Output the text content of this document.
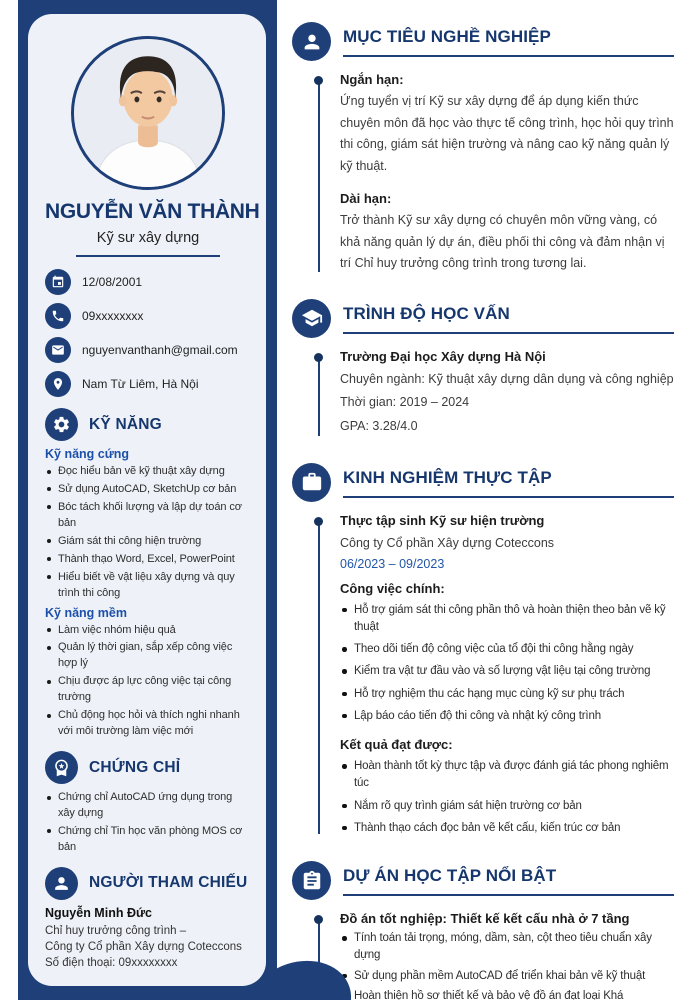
NGUYỄN VĂN THÀNH
Kỹ sư xây dựng
12/08/2001
09xxxxxxxx
nguyenvanthanh@gmail.com
Nam Từ Liêm, Hà Nội
KỸ NĂNG
Kỹ năng cứng
Đọc hiểu bản vẽ kỹ thuật xây dựng
Sử dụng AutoCAD, SketchUp cơ bản
Bóc tách khối lượng và lập dự toán cơ bản
Giám sát thi công hiện trường
Thành thạo Word, Excel, PowerPoint
Hiểu biết về vật liệu xây dựng và quy trình thi công
Kỹ năng mềm
Làm việc nhóm hiệu quả
Quản lý thời gian, sắp xếp công việc hợp lý
Chịu được áp lực công việc tại công trường
Chủ động học hỏi và thích nghi nhanh với môi trường làm việc mới
CHỨNG CHỈ
Chứng chỉ AutoCAD ứng dụng trong xây dựng
Chứng chỉ Tin học văn phòng MOS cơ bản
NGƯỜI THAM CHIẾU
Nguyễn Minh Đức
Chỉ huy trưởng công trình –
Công ty Cổ phần Xây dựng Coteccons
Số điện thoại: 09xxxxxxxx
MỤC TIÊU NGHỀ NGHIỆP
Ngắn hạn:

Ứng tuyển vị trí Kỹ sư xây dựng để áp dụng kiến thức chuyên môn đã học vào thực tế công trình, học hỏi quy trình thi công, giám sát hiện trường và nâng cao kỹ năng quản lý kỹ thuật.

Dài hạn:

Trở thành Kỹ sư xây dựng có chuyên môn vững vàng, có khả năng quản lý dự án, điều phối thi công và đảm nhận vị trí Chỉ huy trưởng công trình trong tương lai.

TRÌNH ĐỘ HỌC VẤN
Trường Đại học Xây dựng Hà Nội
Chuyên ngành: Kỹ thuật xây dựng dân dụng và công nghiệp
Thời gian: 2019 – 2024
GPA: 3.28/4.0
KINH NGHIỆM THỰC TẬP
Thực tập sinh Kỹ sư hiện trường
Công ty Cổ phần Xây dựng Coteccons
06/2023 – 09/2023
Công việc chính:
Hỗ trợ giám sát thi công phần thô và hoàn thiện theo bản vẽ kỹ thuật
Theo dõi tiến độ công việc của tổ đội thi công hằng ngày
Kiểm tra vật tư đầu vào và số lượng vật liệu tại công trường
Hỗ trợ nghiệm thu các hạng mục cùng kỹ sư phụ trách
Lập báo cáo tiến độ thi công và nhật ký công trình
Kết quả đạt được:
Hoàn thành tốt kỳ thực tập và được đánh giá tác phong nghiêm túc
Nắm rõ quy trình giám sát hiện trường cơ bản
Thành thạo cách đọc bản vẽ kết cấu, kiến trúc cơ bản
DỰ ÁN HỌC TẬP NỔI BẬT
Đồ án tốt nghiệp: Thiết kế kết cấu nhà ở 7 tầng
Tính toán tải trọng, móng, dầm, sàn, cột theo tiêu chuẩn xây dựng
Sử dụng phần mềm AutoCAD để triển khai bản vẽ kỹ thuật
Hoàn thiện hồ sơ thiết kế và bảo vệ đồ án đạt loại Khá
